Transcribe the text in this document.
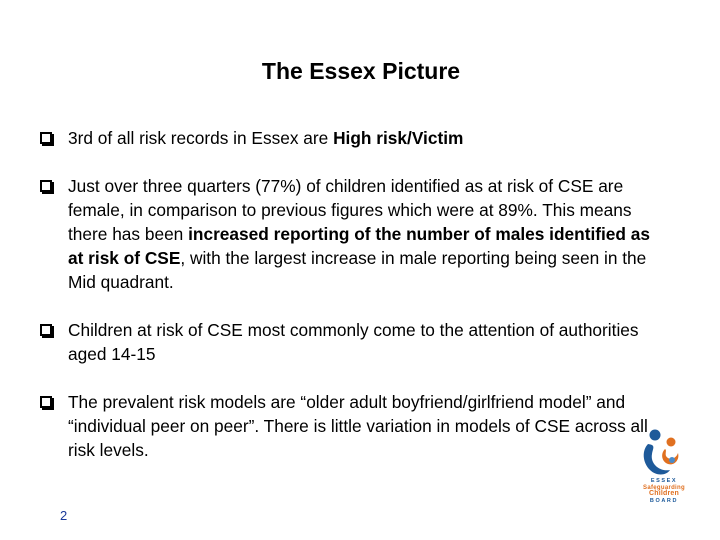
The Essex Picture
3rd of all risk records in Essex are High risk/Victim
Just over three quarters (77%) of children identified as at risk of CSE are female, in comparison to previous figures which were at 89%. This means there has been increased reporting of the number of males identified as at risk of CSE, with the largest increase in male reporting being seen in the Mid quadrant.
Children at risk of CSE most commonly come to the attention of authorities aged 14-15
The prevalent risk models are “older adult boyfriend/girlfriend model” and “individual peer on peer”. There is little variation in models of CSE across all risk levels.
2
ESSEX
Safeguarding
Children
BOARD
